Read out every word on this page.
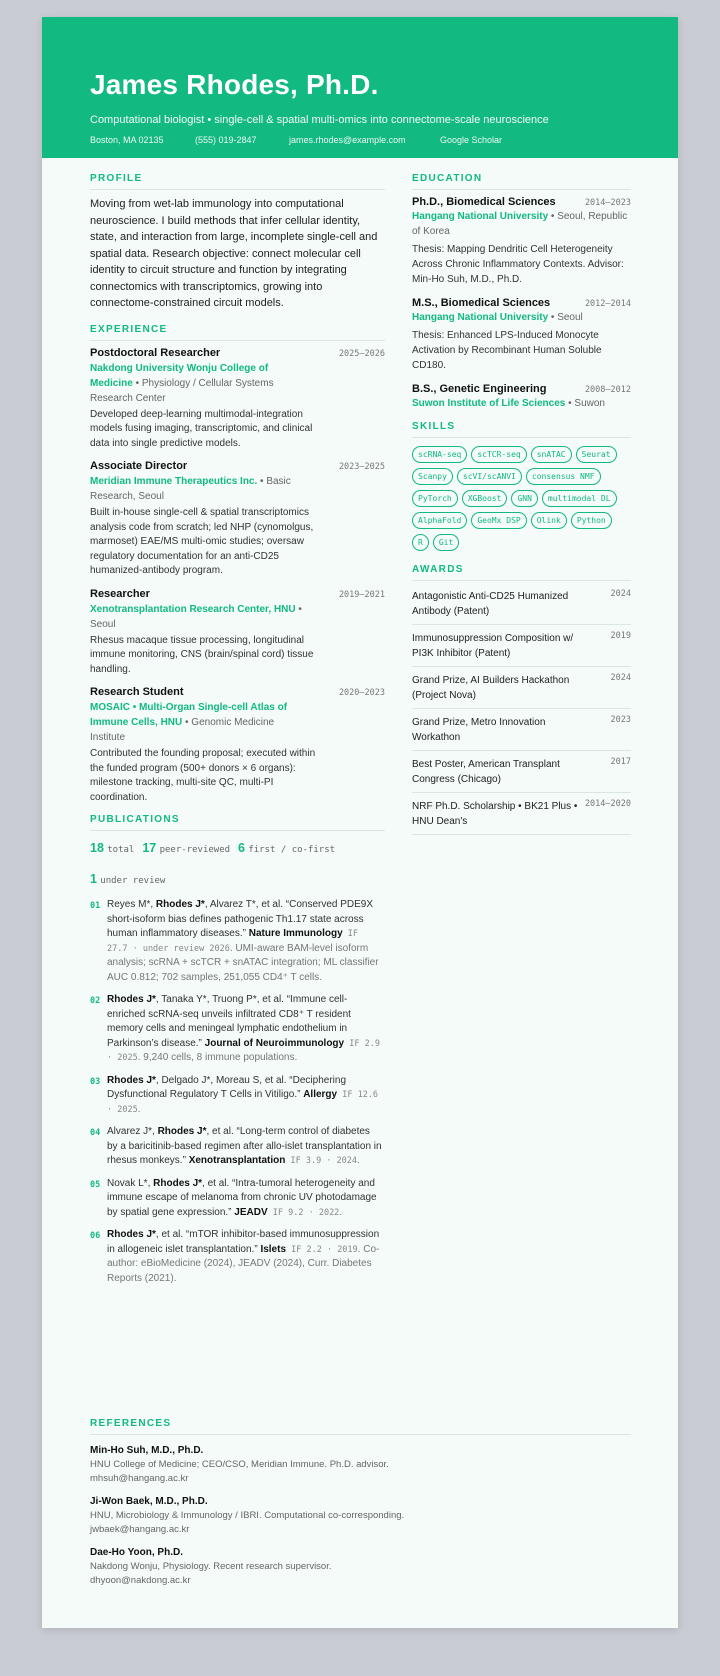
James Rhodes, Ph.D.
Computational biologist • single-cell & spatial multi-omics into connectome-scale neuroscience
Boston, MA 02135	(555) 019-2847	james.rhodes@example.com	Google Scholar
PROFILE
Moving from wet-lab immunology into computational neuroscience. I build methods that infer cellular identity, state, and interaction from large, incomplete single-cell and spatial data. Research objective: connect molecular cell identity to circuit structure and function by integrating connectomics with transcriptomics, growing into connectome-constrained circuit models.
EXPERIENCE
Postdoctoral Researcher	2025–2026
Nakdong University Wonju College of Medicine • Physiology / Cellular Systems Research Center
Developed deep-learning multimodal-integration models fusing imaging, transcriptomic, and clinical data into single predictive models.
Associate Director	2023–2025
Meridian Immune Therapeutics Inc. • Basic Research, Seoul
Built in-house single-cell & spatial transcriptomics analysis code from scratch; led NHP (cynomolgus, marmoset) EAE/MS multi-omic studies; oversaw regulatory documentation for an anti-CD25 humanized-antibody program.
Researcher	2019–2021
Xenotransplantation Research Center, HNU • Seoul
Rhesus macaque tissue processing, longitudinal immune monitoring, CNS (brain/spinal cord) tissue handling.
Research Student	2020–2023
MOSAIC • Multi-Organ Single-cell Atlas of Immune Cells, HNU • Genomic Medicine Institute
Contributed the founding proposal; executed within the funded program (500+ donors × 6 organs): milestone tracking, multi-site QC, multi-PI coordination.
PUBLICATIONS
18 total 17 peer-reviewed 6 first / co-first
1 under review
01 Reyes M*, Rhodes J*, Alvarez T*, et al. “Conserved PDE9X short-isoform bias defines pathogenic Th1.17 state across human inflammatory diseases.” Nature Immunology IF 27.7 · under review 2026. UMI-aware BAM-level isoform analysis; scRNA + scTCR + snATAC integration; ML classifier AUC 0.812; 702 samples, 251,055 CD4⁺ T cells.
02 Rhodes J*, Tanaka Y*, Truong P*, et al. “Immune cell-enriched scRNA-seq unveils infiltrated CD8⁺ T resident memory cells and meningeal lymphatic endothelium in Parkinson’s disease.” Journal of Neuroimmunology IF 2.9 · 2025. 9,240 cells, 8 immune populations.
03 Rhodes J*, Delgado J*, Moreau S, et al. “Deciphering Dysfunctional Regulatory T Cells in Vitiligo.” Allergy IF 12.6 · 2025.
04 Alvarez J*, Rhodes J*, et al. “Long-term control of diabetes by a baricitinib-based regimen after allo-islet transplantation in rhesus monkeys.” Xenotransplantation IF 3.9 · 2024.
05 Novak L*, Rhodes J*, et al. “Intra-tumoral heterogeneity and immune escape of melanoma from chronic UV photodamage by spatial gene expression.” JEADV IF 9.2 · 2022.
06 Rhodes J*, et al. “mTOR inhibitor-based immunosuppression in allogeneic islet transplantation.” Islets IF 2.2 · 2019. Co-author: eBioMedicine (2024), JEADV (2024), Curr. Diabetes Reports (2021).
EDUCATION
Ph.D., Biomedical Sciences	2014–2023
Hangang National University • Seoul, Republic of Korea
Thesis: Mapping Dendritic Cell Heterogeneity Across Chronic Inflammatory Contexts. Advisor: Min-Ho Suh, M.D., Ph.D.
M.S., Biomedical Sciences	2012–2014
Hangang National University • Seoul
Thesis: Enhanced LPS-Induced Monocyte Activation by Recombinant Human Soluble CD180.
B.S., Genetic Engineering	2008–2012
Suwon Institute of Life Sciences • Suwon
SKILLS
scRNA-seq	scTCR-seq	snATAC	Seurat
Scanpy	scVI/scANVI	consensus NMF
PyTorch	XGBoost	GNN	multimodal DL
AlphaFold	GeoMx DSP	Olink	Python
R	Git
AWARDS
Antagonistic Anti-CD25 Humanized Antibody (Patent)
2024
Immunosuppression Composition w/ PI3K Inhibitor (Patent)
2019
Grand Prize, AI Builders Hackathon (Project Nova)
2024
Grand Prize, Metro Innovation Workathon
2023
Best Poster, American Transplant Congress (Chicago)
2017
NRF Ph.D. Scholarship • BK21 Plus • HNU Dean's
2014–2020
REFERENCES
Min-Ho Suh, M.D., Ph.D.
HNU College of Medicine; CEO/CSO, Meridian Immune. Ph.D. advisor.
mhsuh@hangang.ac.kr
Ji-Won Baek, M.D., Ph.D.
HNU, Microbiology & Immunology / IBRI. Computational co-corresponding.
jwbaek@hangang.ac.kr
Dae-Ho Yoon, Ph.D.
Nakdong Wonju, Physiology. Recent research supervisor.
dhyoon@nakdong.ac.kr
